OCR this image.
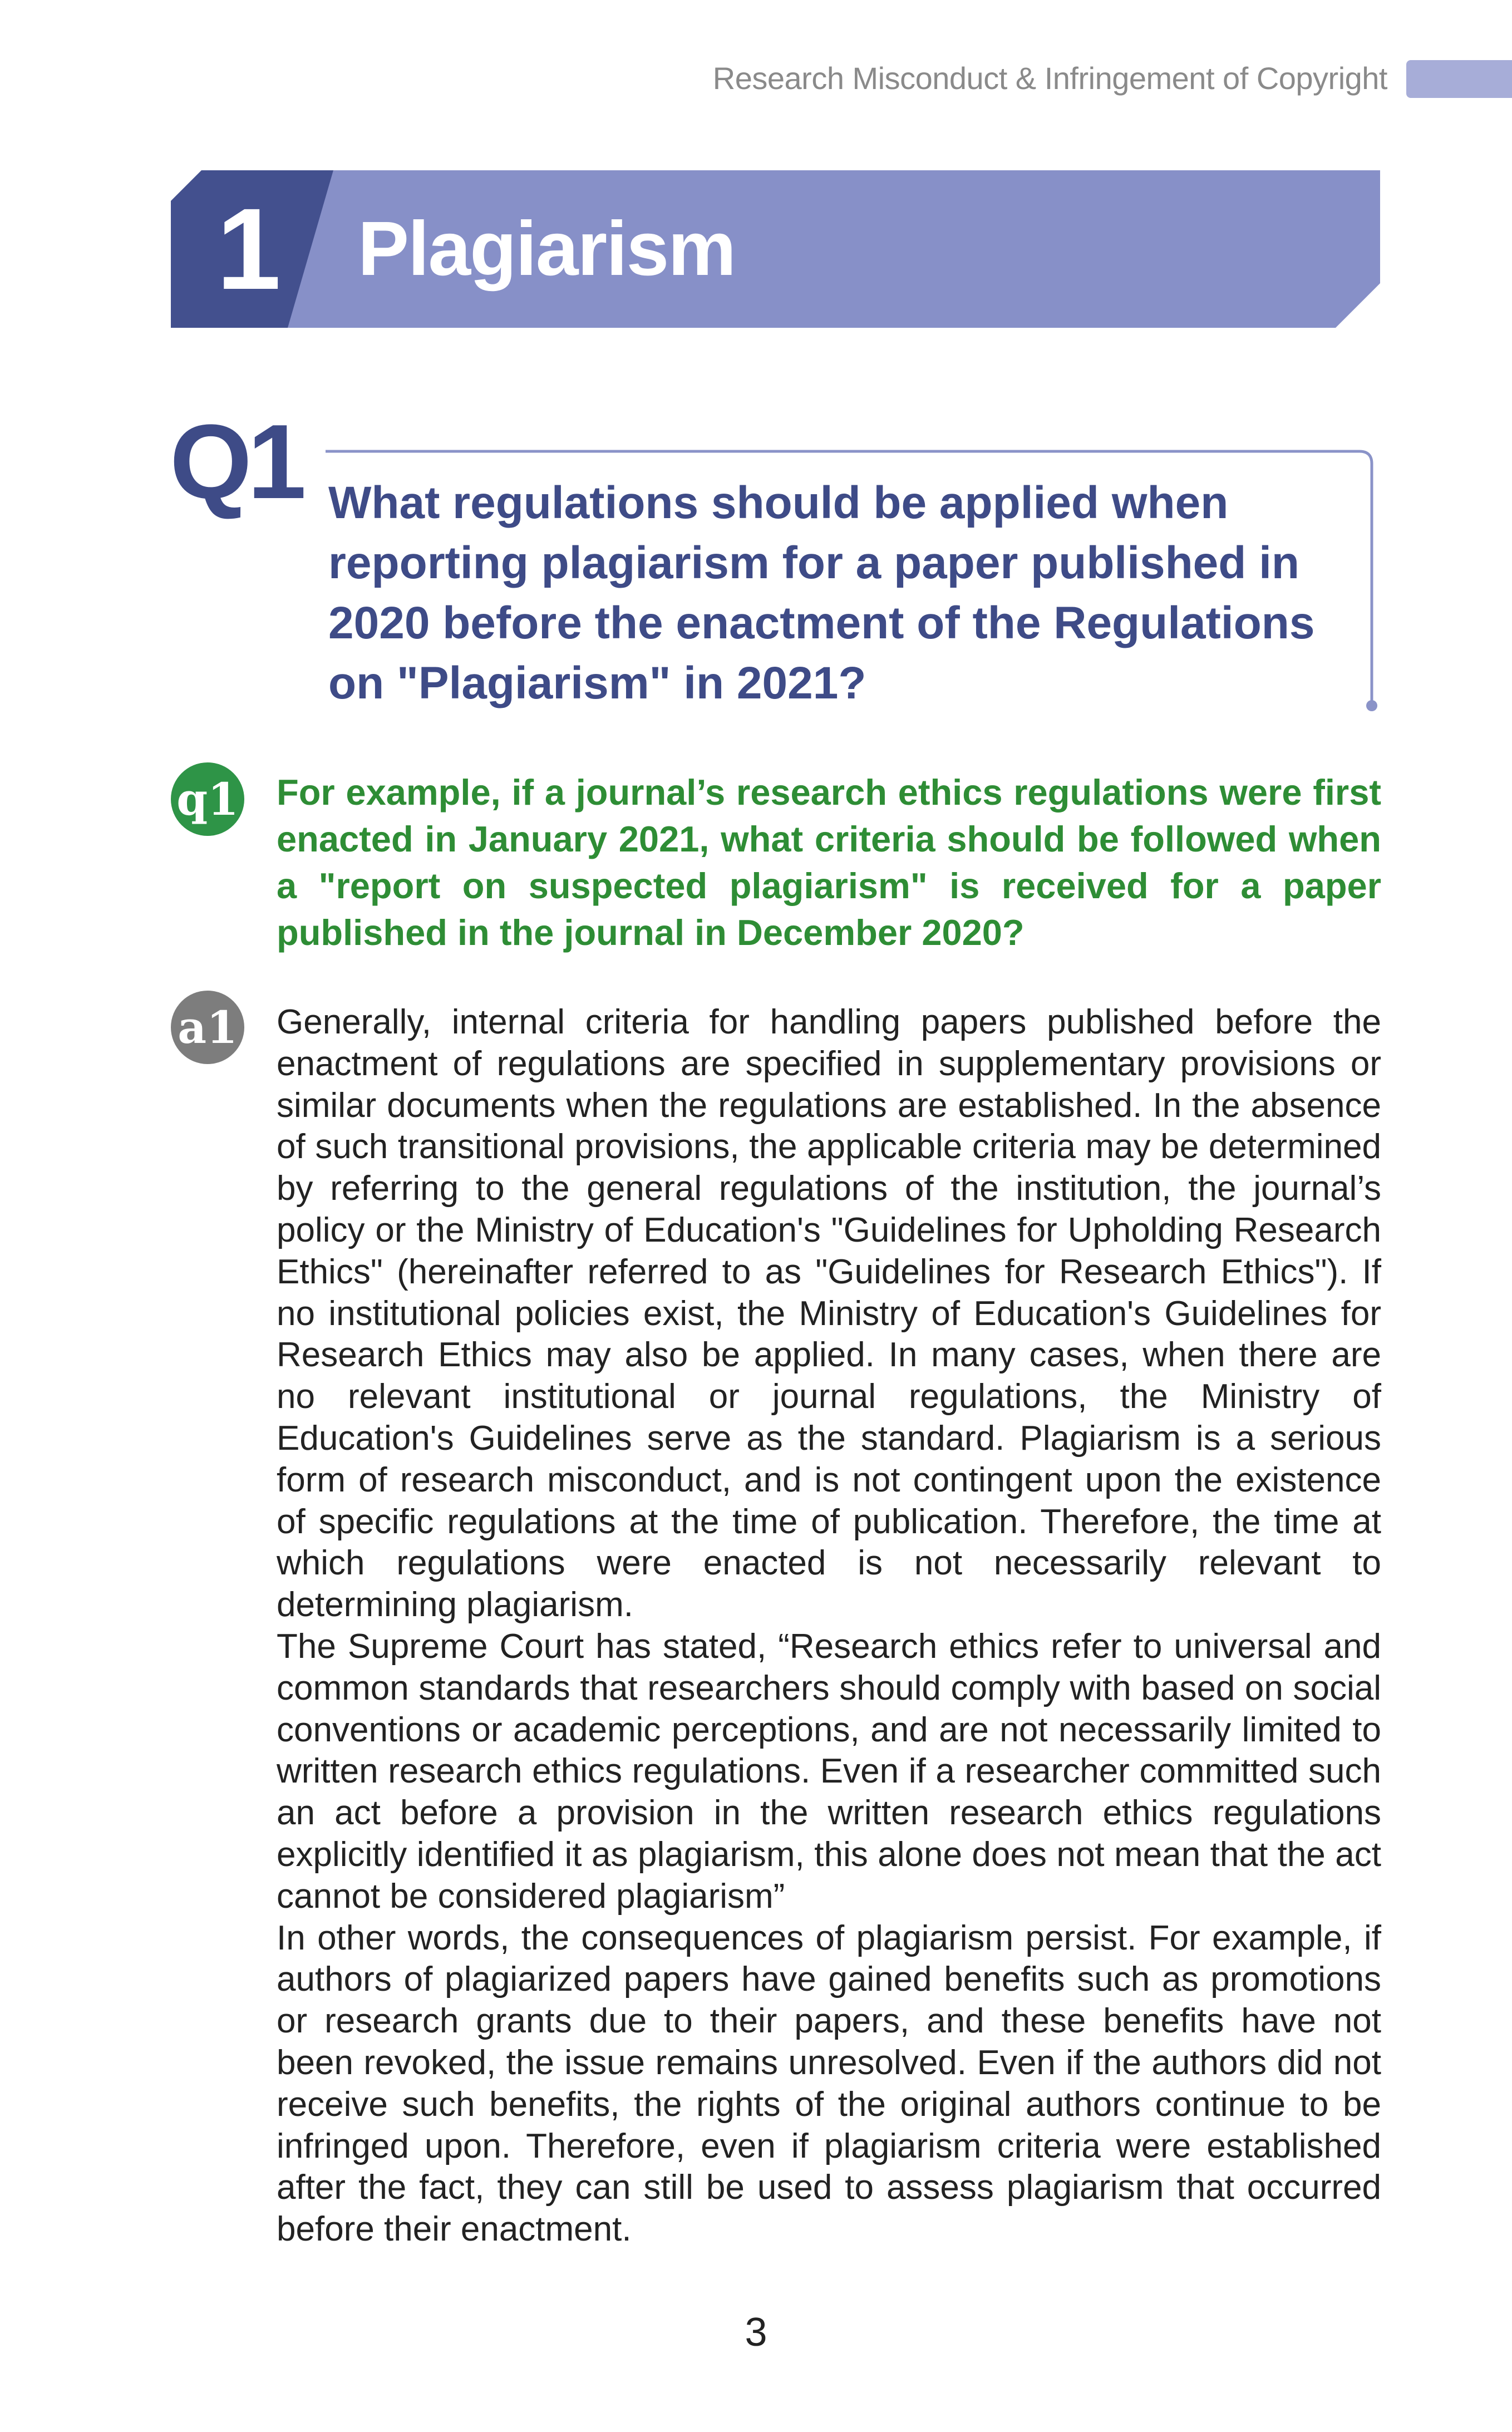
Research Misconduct & Infringement of Copyright
1	Plagiarism
Q1 What regulations should be applied when reporting plagiarism for a paper published in 2020 before the enactment of the Regulations on "Plagiarism" in 2021?
q1 For example, if a journal’s research ethics regulations were first enacted in January 2021, what criteria should be followed when a "report on suspected plagiarism" is received for a paper published in the journal in December 2020?
a1 Generally, internal criteria for handling papers published before the enactment of regulations are specified in supplementary provisions or similar documents when the regulations are established. In the absence of such transitional provisions, the applicable criteria may be determined by referring to the general regulations of the institution, the journal’s policy or the Ministry of Education's "Guidelines for Upholding Research Ethics" (hereinafter referred to as "Guidelines for Research Ethics"). If no institutional policies exist, the Ministry of Education's Guidelines for Research Ethics may also be applied. In many cases, when there are no relevant institutional or journal regulations, the Ministry of Education's Guidelines serve as the standard. Plagiarism is a serious form of research misconduct, and is not contingent upon the existence of specific regulations at the time of publication. Therefore, the time at which regulations were enacted is not necessarily relevant to determining plagiarism.

The Supreme Court has stated, “Research ethics refer to universal and common standards that researchers should comply with based on social conventions or academic perceptions, and are not necessarily limited to written research ethics regulations. Even if a researcher committed such an act before a provision in the written research ethics regulations explicitly identified it as plagiarism, this alone does not mean that the act cannot be considered plagiarism”

In other words, the consequences of plagiarism persist. For example, if authors of plagiarized papers have gained benefits such as promotions or research grants due to their papers, and these benefits have not been revoked, the issue remains unresolved. Even if the authors did not receive such benefits, the rights of the original authors continue to be infringed upon. Therefore, even if plagiarism criteria were established after the fact, they can still be used to assess plagiarism that occurred before their enactment.

3
